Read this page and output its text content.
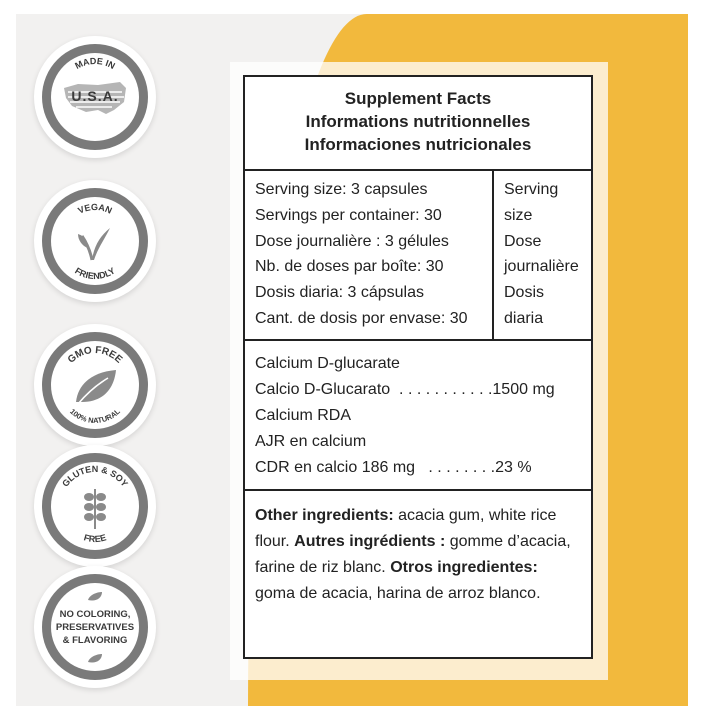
MADE IN
U.S.A.
VEGAN
FRIENDLY
GMO FREE
100% NATURAL
GLUTEN & SOY
FREE
NO COLORING,
PRESERVATIVES
& FLAVORING
Supplement Facts
Informations nutritionnelles
Informaciones nutricionales
Serving size: 3 capsules
Servings per container: 30
Dose journalière : 3 gélules
Nb. de doses par boîte: 30
Dosis diaria: 3 cápsulas
Cant. de dosis por envase: 30
Serving
size
Dose
journalière
Dosis
diaria
Calcium D-glucarate
Calcio D-Glucarato  . . . . . . . . . . .1500 mg
Calcium RDA
AJR en calcium
CDR en calcio 186 mg   . . . . . . . .23 %
Other ingredients: acacia gum, white rice flour. Autres ingrédients : gomme d’acacia, farine de riz blanc. Otros ingredientes: goma de acacia, harina de arroz blanco.
